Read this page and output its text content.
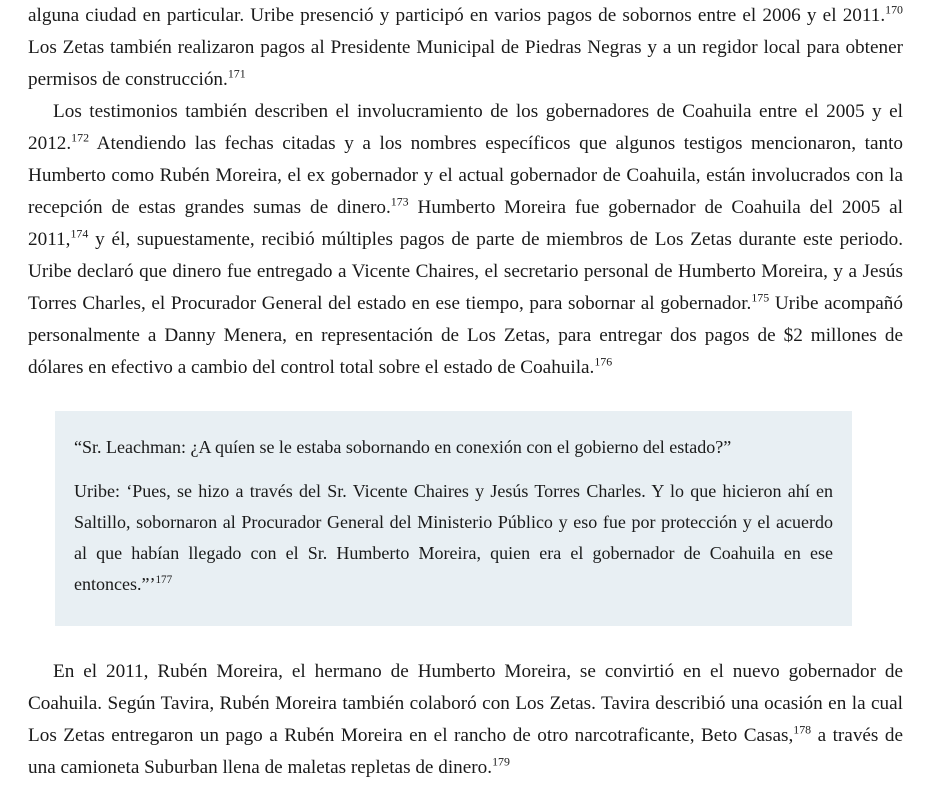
alguna ciudad en particular. Uribe presenció y participó en varios pagos de sobornos entre el 2006 y el 2011.$^{170}$ Los Zetas también realizaron pagos al Presidente Municipal de Piedras Negras y a un regidor local para obtener permisos de construcción.$^{171}$

Los testimonios también describen el involucramiento de los gobernadores de Coahuila entre el 2005 y el 2012.$^{172}$ Atendiendo las fechas citadas y a los nombres específicos que algunos testigos mencionaron, tanto Humberto como Rubén Moreira, el ex gobernador y el actual gobernador de Coahuila, están involucrados con la recepción de estas grandes sumas de dinero.$^{173}$ Humberto Moreira fue gobernador de Coahuila del 2005 al 2011,$^{174}$ y él, supuestamente, recibió múltiples pagos de parte de miembros de Los Zetas durante este periodo. Uribe declaró que dinero fue entregado a Vicente Chaires, el secretario personal de Humberto Moreira, y a Jesús Torres Charles, el Procurador General del estado en ese tiempo, para sobornar al gobernador.$^{175}$ Uribe acompañó personalmente a Danny Menera, en representación de Los Zetas, para entregar dos pagos de $2 millones de dólares en efectivo a cambio del control total sobre el estado de Coahuila.$^{176}$

“Sr. Leachman: ¿A quíen se le estaba sobornando en conexión con el gobierno del estado?”

Uribe: ‘Pues, se hizo a través del Sr. Vicente Chaires y Jesús Torres Charles. Y lo que hicieron ahí en Saltillo, sobornaron al Procurador General del Ministerio Público y eso fue por protección y el acuerdo al que habían llegado con el Sr. Humberto Moreira, quien era el gobernador de Coahuila en ese entonces.”’$^{177}$

En el 2011, Rubén Moreira, el hermano de Humberto Moreira, se convirtió en el nuevo gobernador de Coahuila. Según Tavira, Rubén Moreira también colaboró con Los Zetas. Tavira describió una ocasión en la cual Los Zetas entregaron un pago a Rubén Moreira en el rancho de otro narcotraficante, Beto Casas,$^{178}$ a través de una camioneta Suburban llena de maletas repletas de dinero.$^{179}$
